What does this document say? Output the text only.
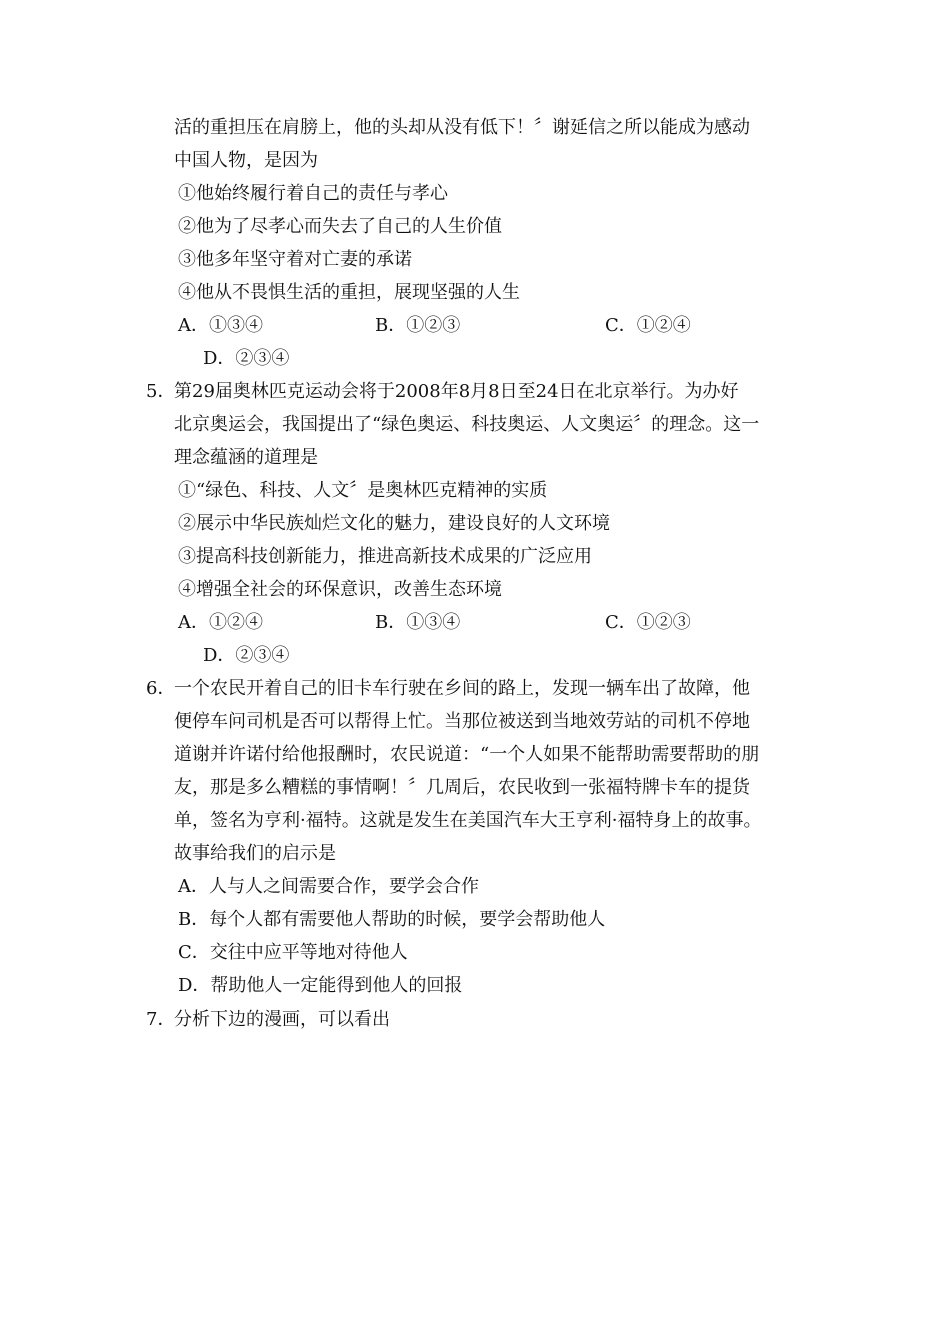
活的重担压在肩膀上，他的头却从没有低下！〞谢延信之所以能成为感动
中国人物，是因为
①他始终履行着自己的责任与孝心
②他为了尽孝心而失去了自己的人生价值
③他多年坚守着对亡妻的承诺
④他从不畏惧生活的重担，展现坚强的人生
A．①③④	B．①②③	C．①②④
D．②③④
5．
第29届奥林匹克运动会将于2008年8月8日至24日在北京举行。为办好
北京奥运会，我国提出了“绿色奥运、科技奥运、人文奥运〞的理念。这一
理念蕴涵的道理是
①“绿色、科技、人文〞是奥林匹克精神的实质
②展示中华民族灿烂文化的魅力，建设良好的人文环境
③提高科技创新能力，推进高新技术成果的广泛应用
④增强全社会的环保意识，改善生态环境
A．①②④	B．①③④	C．①②③
D．②③④
6．
一个农民开着自己的旧卡车行驶在乡间的路上，发现一辆车出了故障，他
便停车问司机是否可以帮得上忙。当那位被送到当地效劳站的司机不停地
道谢并许诺付给他报酬时，农民说道：“一个人如果不能帮助需要帮助的朋
友，那是多么糟糕的事情啊！〞几周后，农民收到一张福特牌卡车的提货
单，签名为亨利·福特。这就是发生在美国汽车大王亨利·福特身上的故事。
故事给我们的启示是
A．人与人之间需要合作，要学会合作
B．每个人都有需要他人帮助的时候，要学会帮助他人
C．交往中应平等地对待他人
D．帮助他人一定能得到他人的回报
7．
分析下边的漫画，可以看出
